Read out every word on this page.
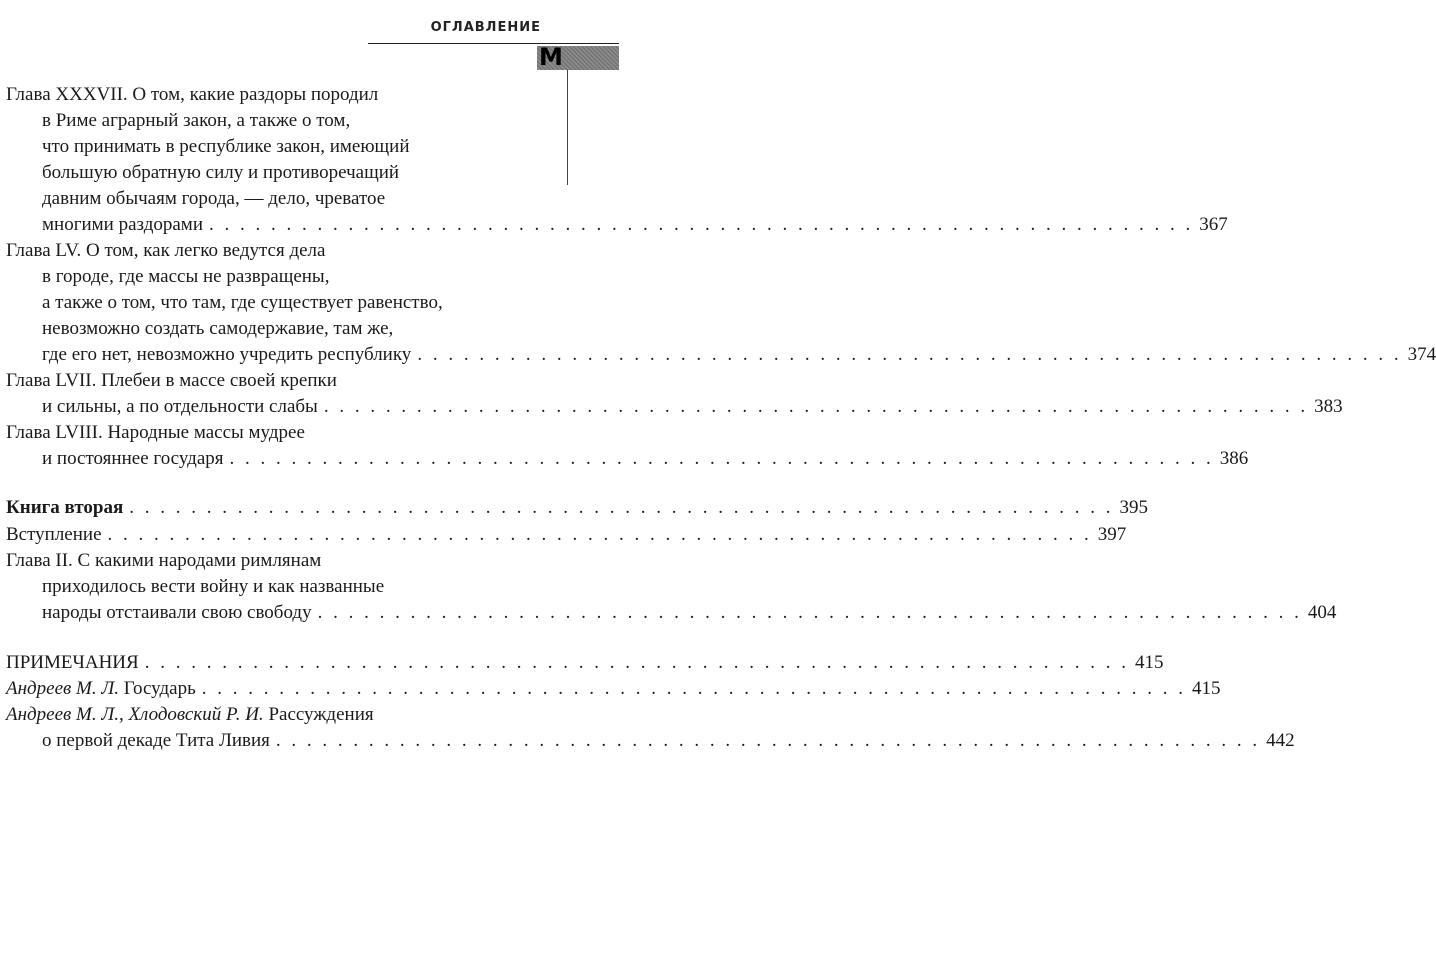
ОГЛАВЛЕНИЕ
М
Глава XXXVII. О том, какие раздоры породил
в Риме аграрный закон, а также о том,
что принимать в республике закон, имеющий
большую обратную силу и противоречащий
давним обычаям города, — дело, чреватое
многими раздорами . . . . . . . . . . . . . . . . . . . . . . . . . . . . . . . . . . . . . . . . . . . . . . . . . . . . . . . . . . . . . . . . 367
Глава LV. О том, как легко ведутся дела
в городе, где массы не развращены,
а также о том, что там, где существует равенство,
невозможно создать самодержавие, там же,
где его нет, невозможно учредить республику . . . . . . . . . . . . . . . . . . . . . . . . . . . . . . . . . . . . . . . . . . . . . . . . . . . . . . . . . . . . . . . . 374
Глава LVII. Плебеи в массе своей крепки
и сильны, а по отдельности слабы . . . . . . . . . . . . . . . . . . . . . . . . . . . . . . . . . . . . . . . . . . . . . . . . . . . . . . . . . . . . . . . . 383
Глава LVIII. Народные массы мудрее
и постояннее государя . . . . . . . . . . . . . . . . . . . . . . . . . . . . . . . . . . . . . . . . . . . . . . . . . . . . . . . . . . . . . . . . 386
Книга вторая . . . . . . . . . . . . . . . . . . . . . . . . . . . . . . . . . . . . . . . . . . . . . . . . . . . . . . . . . . . . . . . . 395
Вступление . . . . . . . . . . . . . . . . . . . . . . . . . . . . . . . . . . . . . . . . . . . . . . . . . . . . . . . . . . . . . . . . 397
Глава II. С какими народами римлянам
приходилось вести войну и как названные
народы отстаивали свою свободу . . . . . . . . . . . . . . . . . . . . . . . . . . . . . . . . . . . . . . . . . . . . . . . . . . . . . . . . . . . . . . . . 404
ПРИМЕЧАНИЯ . . . . . . . . . . . . . . . . . . . . . . . . . . . . . . . . . . . . . . . . . . . . . . . . . . . . . . . . . . . . . . . . 415
Андреев М. Л. Государь . . . . . . . . . . . . . . . . . . . . . . . . . . . . . . . . . . . . . . . . . . . . . . . . . . . . . . . . . . . . . . . . 415
Андреев М. Л., Хлодовский Р. И. Рассуждения
о первой декаде Тита Ливия . . . . . . . . . . . . . . . . . . . . . . . . . . . . . . . . . . . . . . . . . . . . . . . . . . . . . . . . . . . . . . . . 442
